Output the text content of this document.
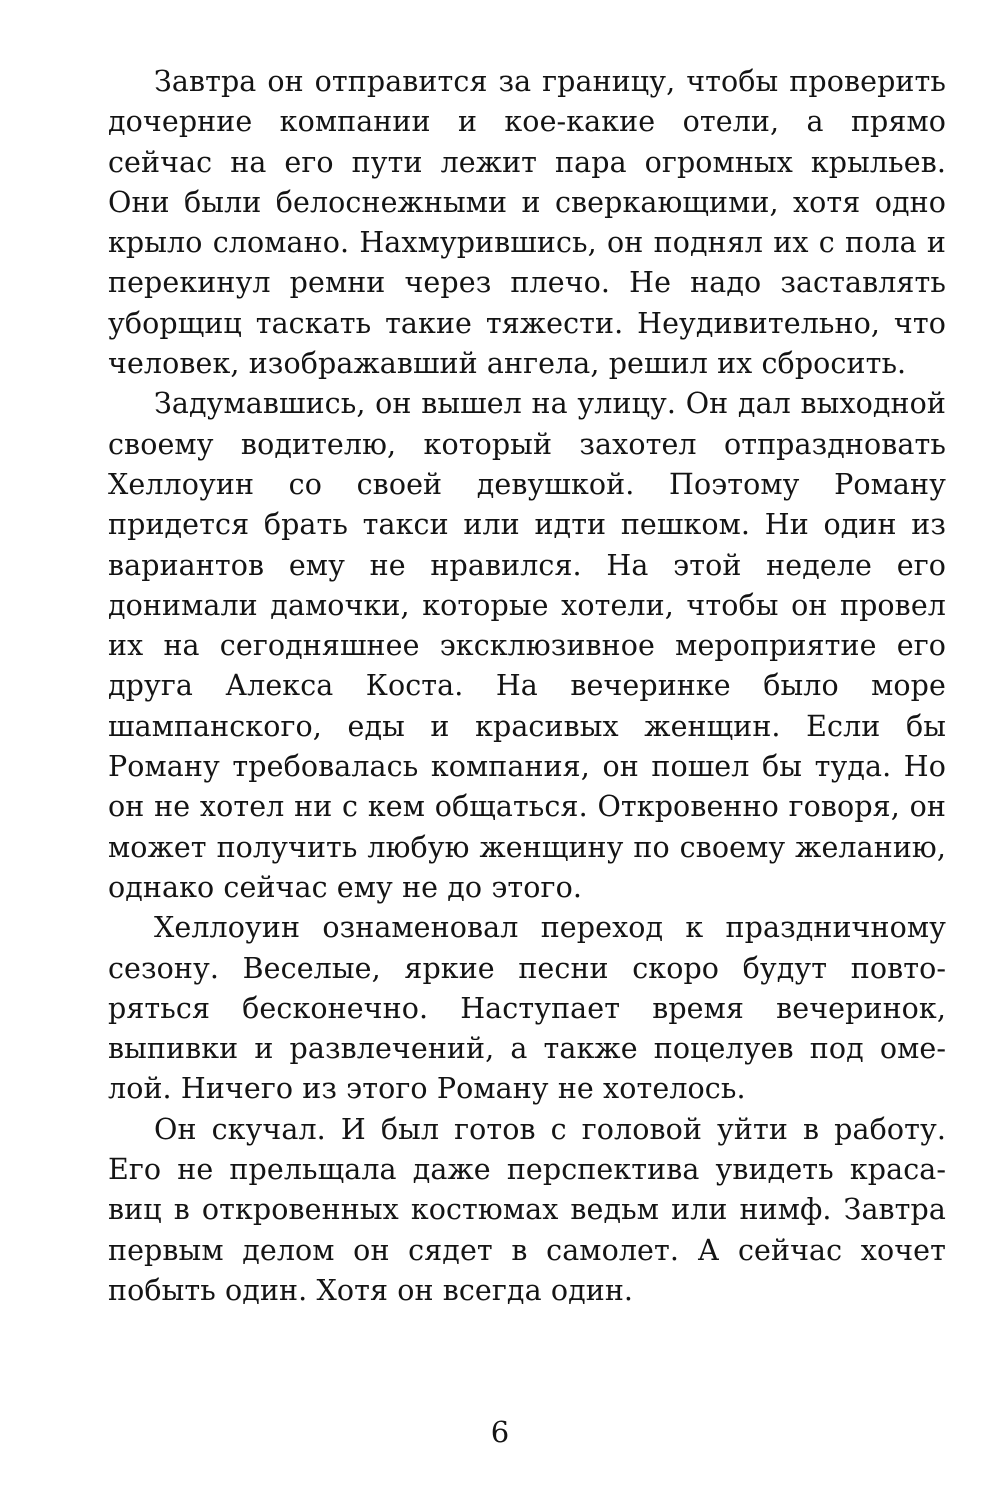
Завтра он отправится за границу, чтобы проверить дочерние компании и кое-какие отели, а прямо сейчас на его пути лежит пара огромных крыльев. Они были белоснежными и сверкающими, хотя одно крыло сломано. Нахмурившись, он поднял их с пола и перекинул ремни через плечо. Не надо заставлять уборщиц таскать такие тяжести. Неудивительно, что человек, изображавший ангела, решил их сбросить.

Задумавшись, он вышел на улицу. Он дал выходной своему водителю, который захотел отпраздновать Хеллоуин со своей девушкой. Поэтому Роману придется брать такси или идти пешком. Ни один из вариантов ему не нравился. На этой неделе его донимали дамочки, которые хотели, чтобы он провел их на сегодняшнее эксклюзивное мероприятие его друга Алекса Коста. На вечеринке было море шампанского, еды и красивых женщин. Если бы Роману требовалась компания, он пошел бы туда. Но он не хотел ни с кем общаться. Откровенно говоря, он может получить любую женщину по своему желанию, однако сейчас ему не до этого.

Хеллоуин ознаменовал переход к праздничному сезону. Веселые, яркие песни скоро будут повторяться бесконечно. Наступает время вечеринок, выпивки и развлечений, а также поцелуев под омелой. Ничего из этого Роману не хотелось.

Он скучал. И был готов с головой уйти в работу. Его не прельщала даже перспектива увидеть красавиц в откровенных костюмах ведьм или нимф. Завтра первым делом он сядет в самолет. А сейчас хочет побыть один. Хотя он всегда один.

6
